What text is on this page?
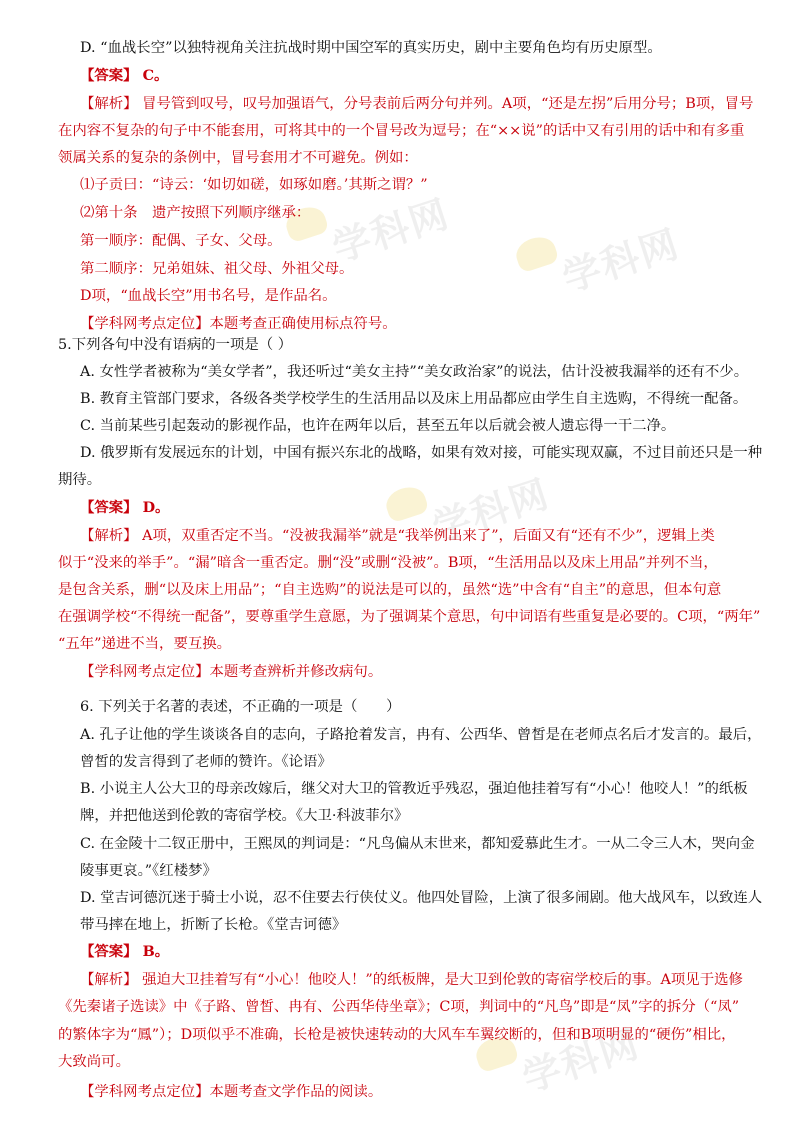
学科网	学科网
学科网
学科网
D. “血战长空”以独特视角关注抗战时期中国空军的真实历史，剧中主要角色均有历史原型。
【答案】 C。
【解析】 冒号管到叹号，叹号加强语气，分号表前后两分句并列。A项，“还是左拐”后用分号；B项，冒号
在内容不复杂的句子中不能套用，可将其中的一个冒号改为逗号；在“××说”的话中又有引用的话中和有多重
领属关系的复杂的条例中，冒号套用才不可避免。例如：
⑴子贡曰：“诗云：‘如切如磋，如琢如磨。’其斯之谓？”
⑵第十条　遗产按照下列顺序继承：
第一顺序：配偶、子女、父母。
第二顺序：兄弟姐妹、祖父母、外祖父母。
D项，“血战长空”用书名号，是作品名。
【学科网考点定位】本题考查正确使用标点符号。
5.下列各句中没有语病的一项是（ ）
A. 女性学者被称为“美女学者”，我还听过“美女主持”“美女政治家”的说法，估计没被我漏举的还有不少。
B. 教育主管部门要求，各级各类学校学生的生活用品以及床上用品都应由学生自主选购，不得统一配备。
C. 当前某些引起轰动的影视作品，也许在两年以后，甚至五年以后就会被人遗忘得一干二净。
D. 俄罗斯有发展远东的计划，中国有振兴东北的战略，如果有效对接，可能实现双赢，不过目前还只是一种
期待。
【答案】 D。
【解析】 A项，双重否定不当。“没被我漏举”就是“我举例出来了”，后面又有“还有不少”，逻辑上类
似于“没来的举手”。“漏”暗含一重否定。删“没”或删“没被”。B项，“生活用品以及床上用品”并列不当，
是包含关系，删“以及床上用品”；“自主选购”的说法是可以的，虽然“选”中含有“自主”的意思，但本句意
在强调学校“不得统一配备”，要尊重学生意愿，为了强调某个意思，句中词语有些重复是必要的。C项，“两年”
“五年”递进不当，要互换。
【学科网考点定位】本题考查辨析并修改病句。
6. 下列关于名著的表述，不正确的一项是（　　）
A. 孔子让他的学生谈谈各自的志向，子路抢着发言，冉有、公西华、曾皙是在老师点名后才发言的。最后，
曾皙的发言得到了老师的赞许。《论语》
B. 小说主人公大卫的母亲改嫁后，继父对大卫的管教近乎残忍，强迫他挂着写有“小心！他咬人！”的纸板
牌，并把他送到伦敦的寄宿学校。《大卫·科波菲尔》
C. 在金陵十二钗正册中，王熙凤的判词是：“凡鸟偏从末世来，都知爱慕此生才。一从二令三人木，哭向金
陵事更哀。”《红楼梦》
D. 堂吉诃德沉迷于骑士小说，忍不住要去行侠仗义。他四处冒险，上演了很多闹剧。他大战风车，以致连人
带马摔在地上，折断了长枪。《堂吉诃德》
【答案】 B。
【解析】 强迫大卫挂着写有“小心！他咬人！”的纸板牌，是大卫到伦敦的寄宿学校后的事。A项见于选修
《先秦诸子选读》中《子路、曾皙、冉有、公西华侍坐章》；C项，判词中的“凡鸟”即是“凤”字的拆分（“凤”
的繁体字为“鳳”）；D项似乎不准确，长枪是被快速转动的大风车车翼绞断的，但和B项明显的“硬伤”相比，
大致尚可。
【学科网考点定位】本题考查文学作品的阅读。
